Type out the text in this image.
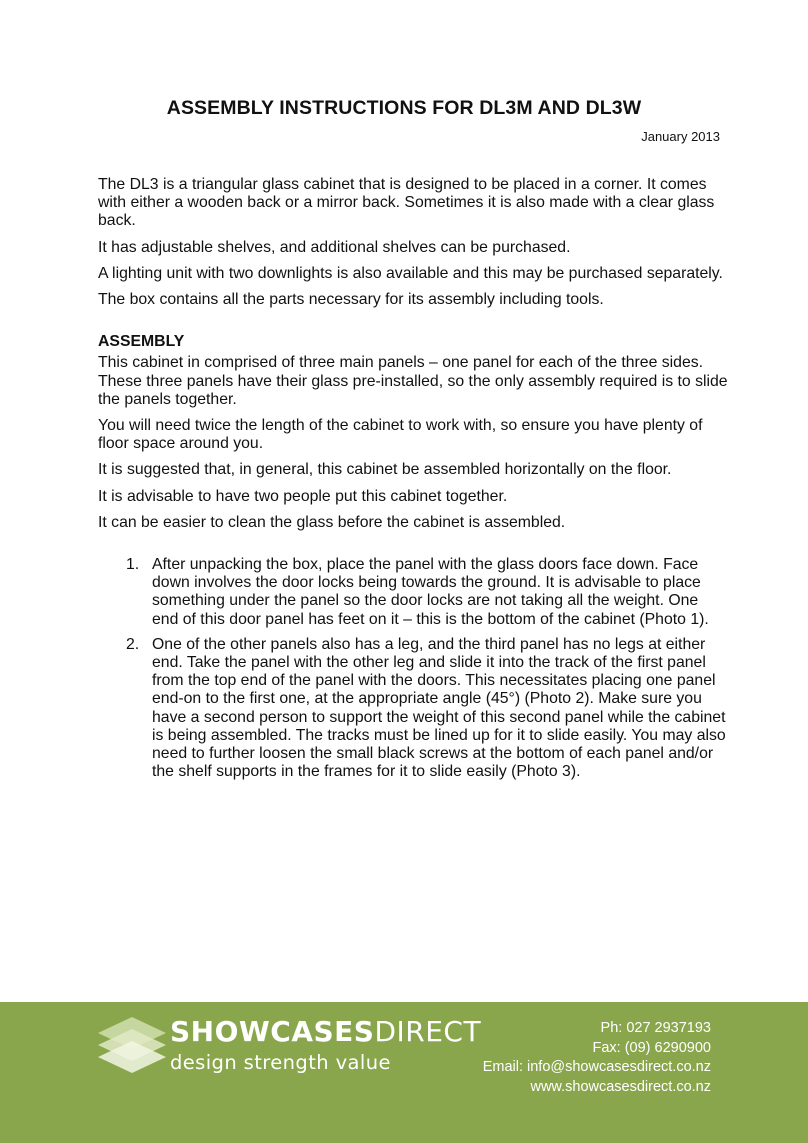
ASSEMBLY INSTRUCTIONS FOR DL3M AND DL3W
January 2013

The DL3 is a triangular glass cabinet that is designed to be placed in a corner. It comes with either a wooden back or a mirror back. Sometimes it is also made with a clear glass back.

It has adjustable shelves, and additional shelves can be purchased.

A lighting unit with two downlights is also available and this may be purchased separately.

The box contains all the parts necessary for its assembly including tools.

ASSEMBLY

This cabinet in comprised of three main panels – one panel for each of the three sides. These three panels have their glass pre-installed, so the only assembly required is to slide the panels together.

You will need twice the length of the cabinet to work with, so ensure you have plenty of floor space around you.

It is suggested that, in general, this cabinet be assembled horizontally on the floor.

It is advisable to have two people put this cabinet together.

It can be easier to clean the glass before the cabinet is assembled.

1. After unpacking the box, place the panel with the glass doors face down. Face down involves the door locks being towards the ground. It is advisable to place something under the panel so the door locks are not taking all the weight. One end of this door panel has feet on it – this is the bottom of the cabinet (Photo 1).
2. One of the other panels also has a leg, and the third panel has no legs at either end. Take the panel with the other leg and slide it into the track of the first panel from the top end of the panel with the doors. This necessitates placing one panel end-on to the first one, at the appropriate angle (45°) (Photo 2). Make sure you have a second person to support the weight of this second panel while the cabinet is being assembled. The tracks must be lined up for it to slide easily. You may also need to further loosen the small black screws at the bottom of each panel and/or the shelf supports in the frames for it to slide easily (Photo 3).
SHOWCASESDIRECT
design strength value
Ph: 027 2937193
Fax: (09) 6290900
Email: info@showcasesdirect.co.nz
www.showcasesdirect.co.nz
